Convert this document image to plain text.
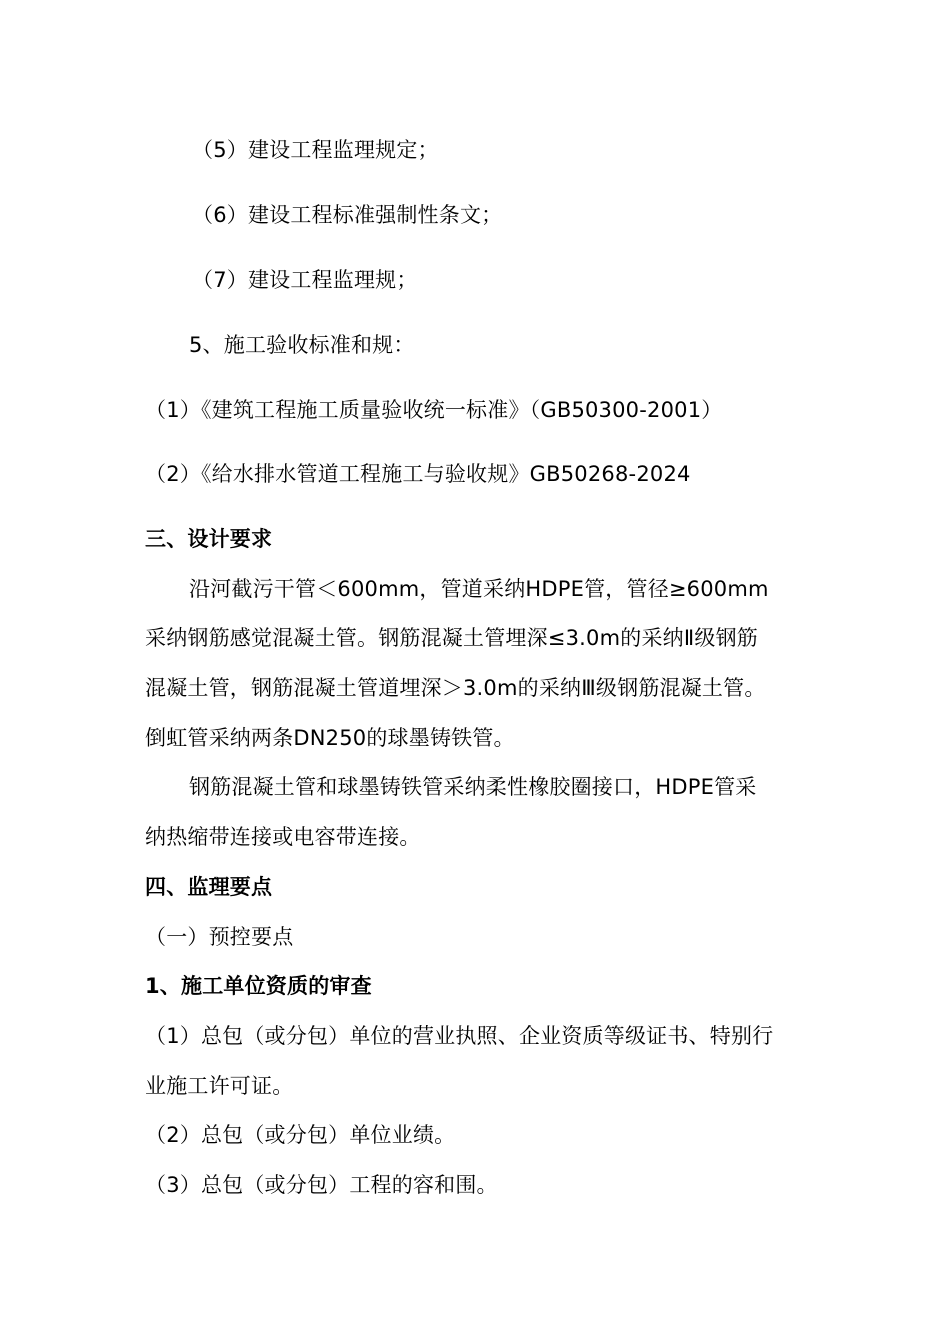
（5）建设工程监理规定；
（6）建设工程标准强制性条文；
（7）建设工程监理规；
5、施工验收标准和规：
（1）《建筑工程施工质量验收统一标准》（GB50300-2001）
（2）《给水排水管道工程施工与验收规》GB50268-2024
三、设计要求
沿河截污干管＜600mm，管道采纳HDPE管，管径≥600mm
采纳钢筋感觉混凝土管。钢筋混凝土管埋深≤3.0m的采纳Ⅱ级钢筋
混凝土管，钢筋混凝土管道埋深＞3.0m的采纳Ⅲ级钢筋混凝土管。
倒虹管采纳两条DN250的球墨铸铁管。
钢筋混凝土管和球墨铸铁管采纳柔性橡胶圈接口，HDPE管采
纳热缩带连接或电容带连接。
四、监理要点
（一）预控要点
1、施工单位资质的审查
（1）总包（或分包）单位的营业执照、企业资质等级证书、特别行
业施工许可证。
（2）总包（或分包）单位业绩。
（3）总包（或分包）工程的容和围。
